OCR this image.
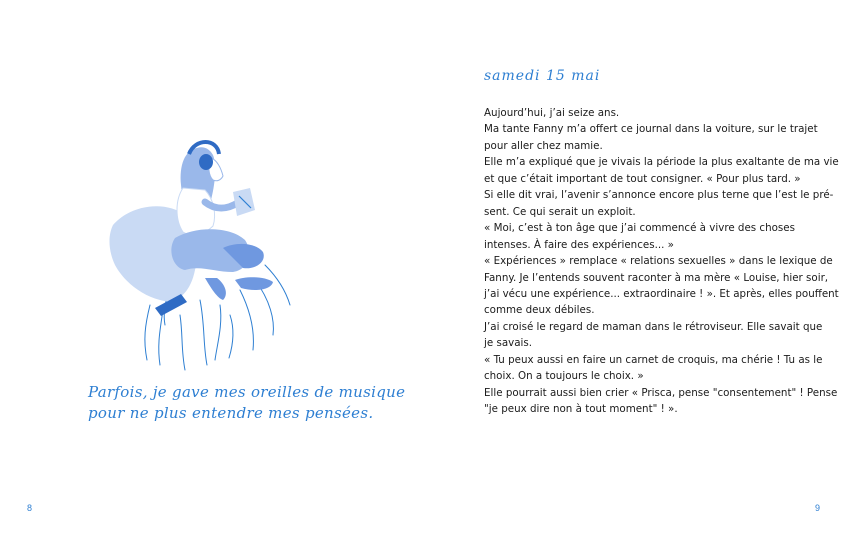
Parfois, je gave mes oreilles de musique
pour ne plus entendre mes pensées.
8
samedi 15 mai
Aujourd’hui, j’ai seize ans.
Ma tante Fanny m’a offert ce journal dans la voiture, sur le trajet
pour aller chez mamie.
Elle m’a expliqué que je vivais la période la plus exaltante de ma vie
et que c’était important de tout consigner. « Pour plus tard. »
Si elle dit vrai, l’avenir s’annonce encore plus terne que l’est le pré-
sent. Ce qui serait un exploit.
« Moi, c’est à ton âge que j’ai commencé à vivre des choses
intenses. À faire des expériences... »
« Expériences » remplace « relations sexuelles » dans le lexique de
Fanny. Je l’entends souvent raconter à ma mère « Louise, hier soir,
j’ai vécu une expérience... extraordinaire ! ». Et après, elles pouffent
comme deux débiles.
J’ai croisé le regard de maman dans le rétroviseur. Elle savait que
je savais.
« Tu peux aussi en faire un carnet de croquis, ma chérie ! Tu as le
choix. On a toujours le choix. »
Elle pourrait aussi bien crier « Prisca, pense "consentement" ! Pense
"je peux dire non à tout moment" ! ».
9
